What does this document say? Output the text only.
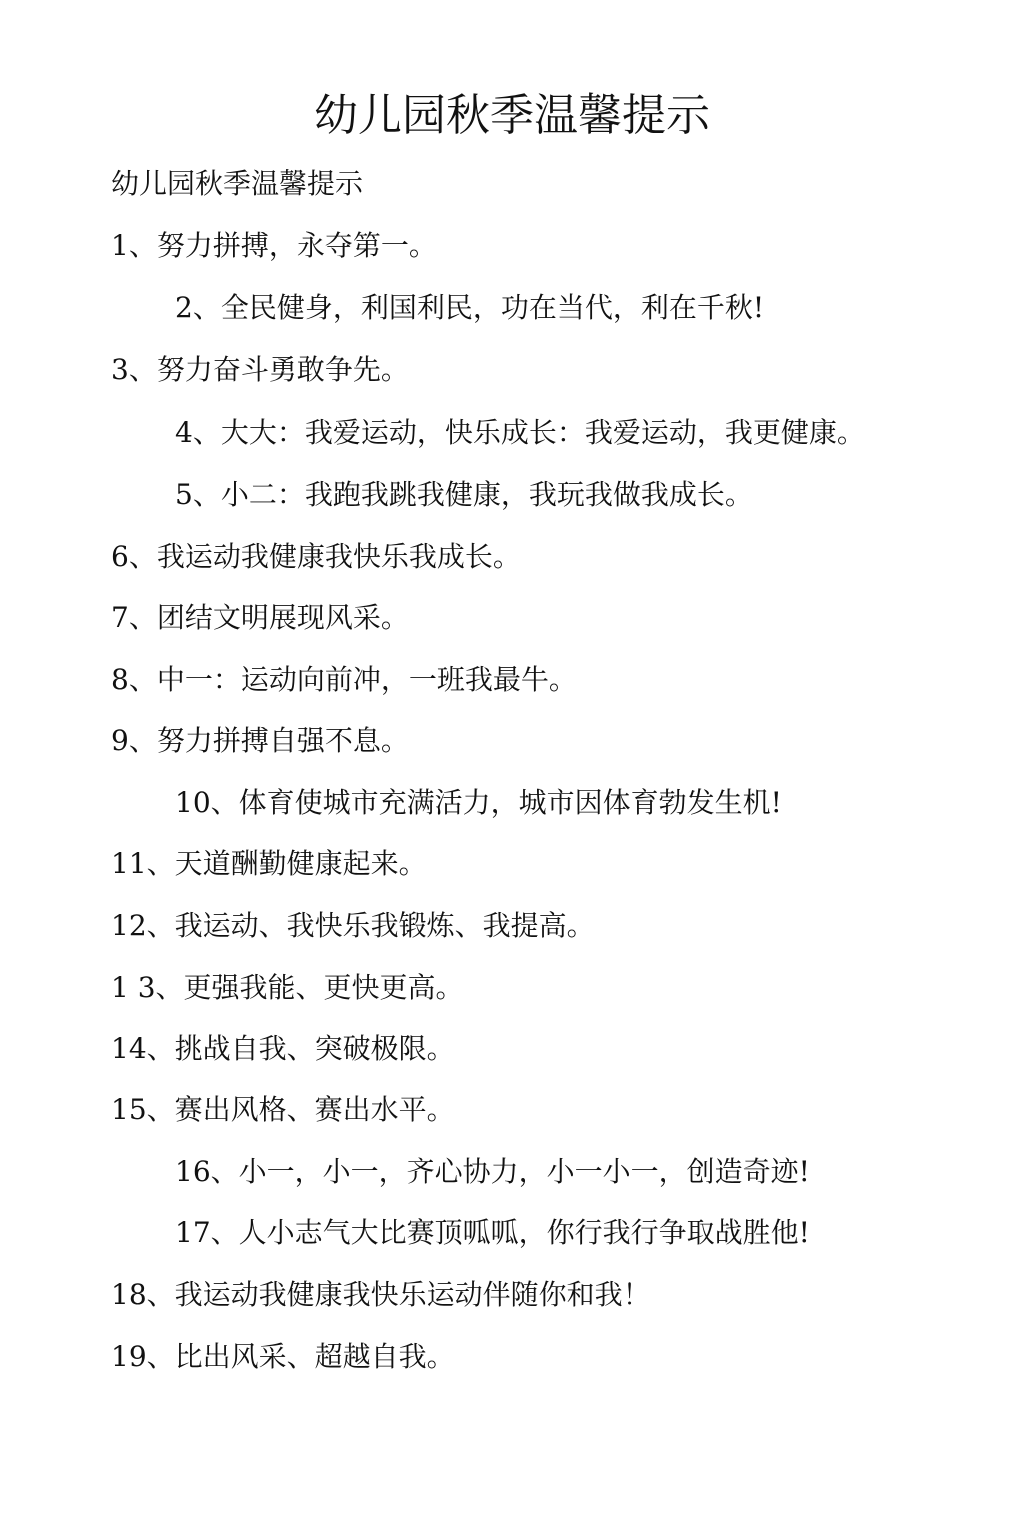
幼儿园秋季温馨提示

幼儿园秋季温馨提示

1、努力拼搏，永夺第一。

2、全民健身，利国利民，功在当代，利在千秋!

3、努力奋斗勇敢争先。

4、大大：我爱运动，快乐成长：我爱运动，我更健康。

5、小二：我跑我跳我健康，我玩我做我成长。

6、我运动我健康我快乐我成长。

7、团结文明展现风采。

8、中一：运动向前冲，一班我最牛。

9、努力拼搏自强不息。

10、体育使城市充满活力，城市因体育勃发生机!

11、天道酬勤健康起来。

12、我运动、我快乐我锻炼、我提高。

1 3、更强我能、更快更高。

14、挑战自我、突破极限。

15、赛出风格、赛出水平。

16、小一，小一，齐心协力，小一小一，创造奇迹!

17、人小志气大比赛顶呱呱，你行我行争取战胜他!

18、我运动我健康我快乐运动伴随你和我！

19、比出风采、超越自我。
